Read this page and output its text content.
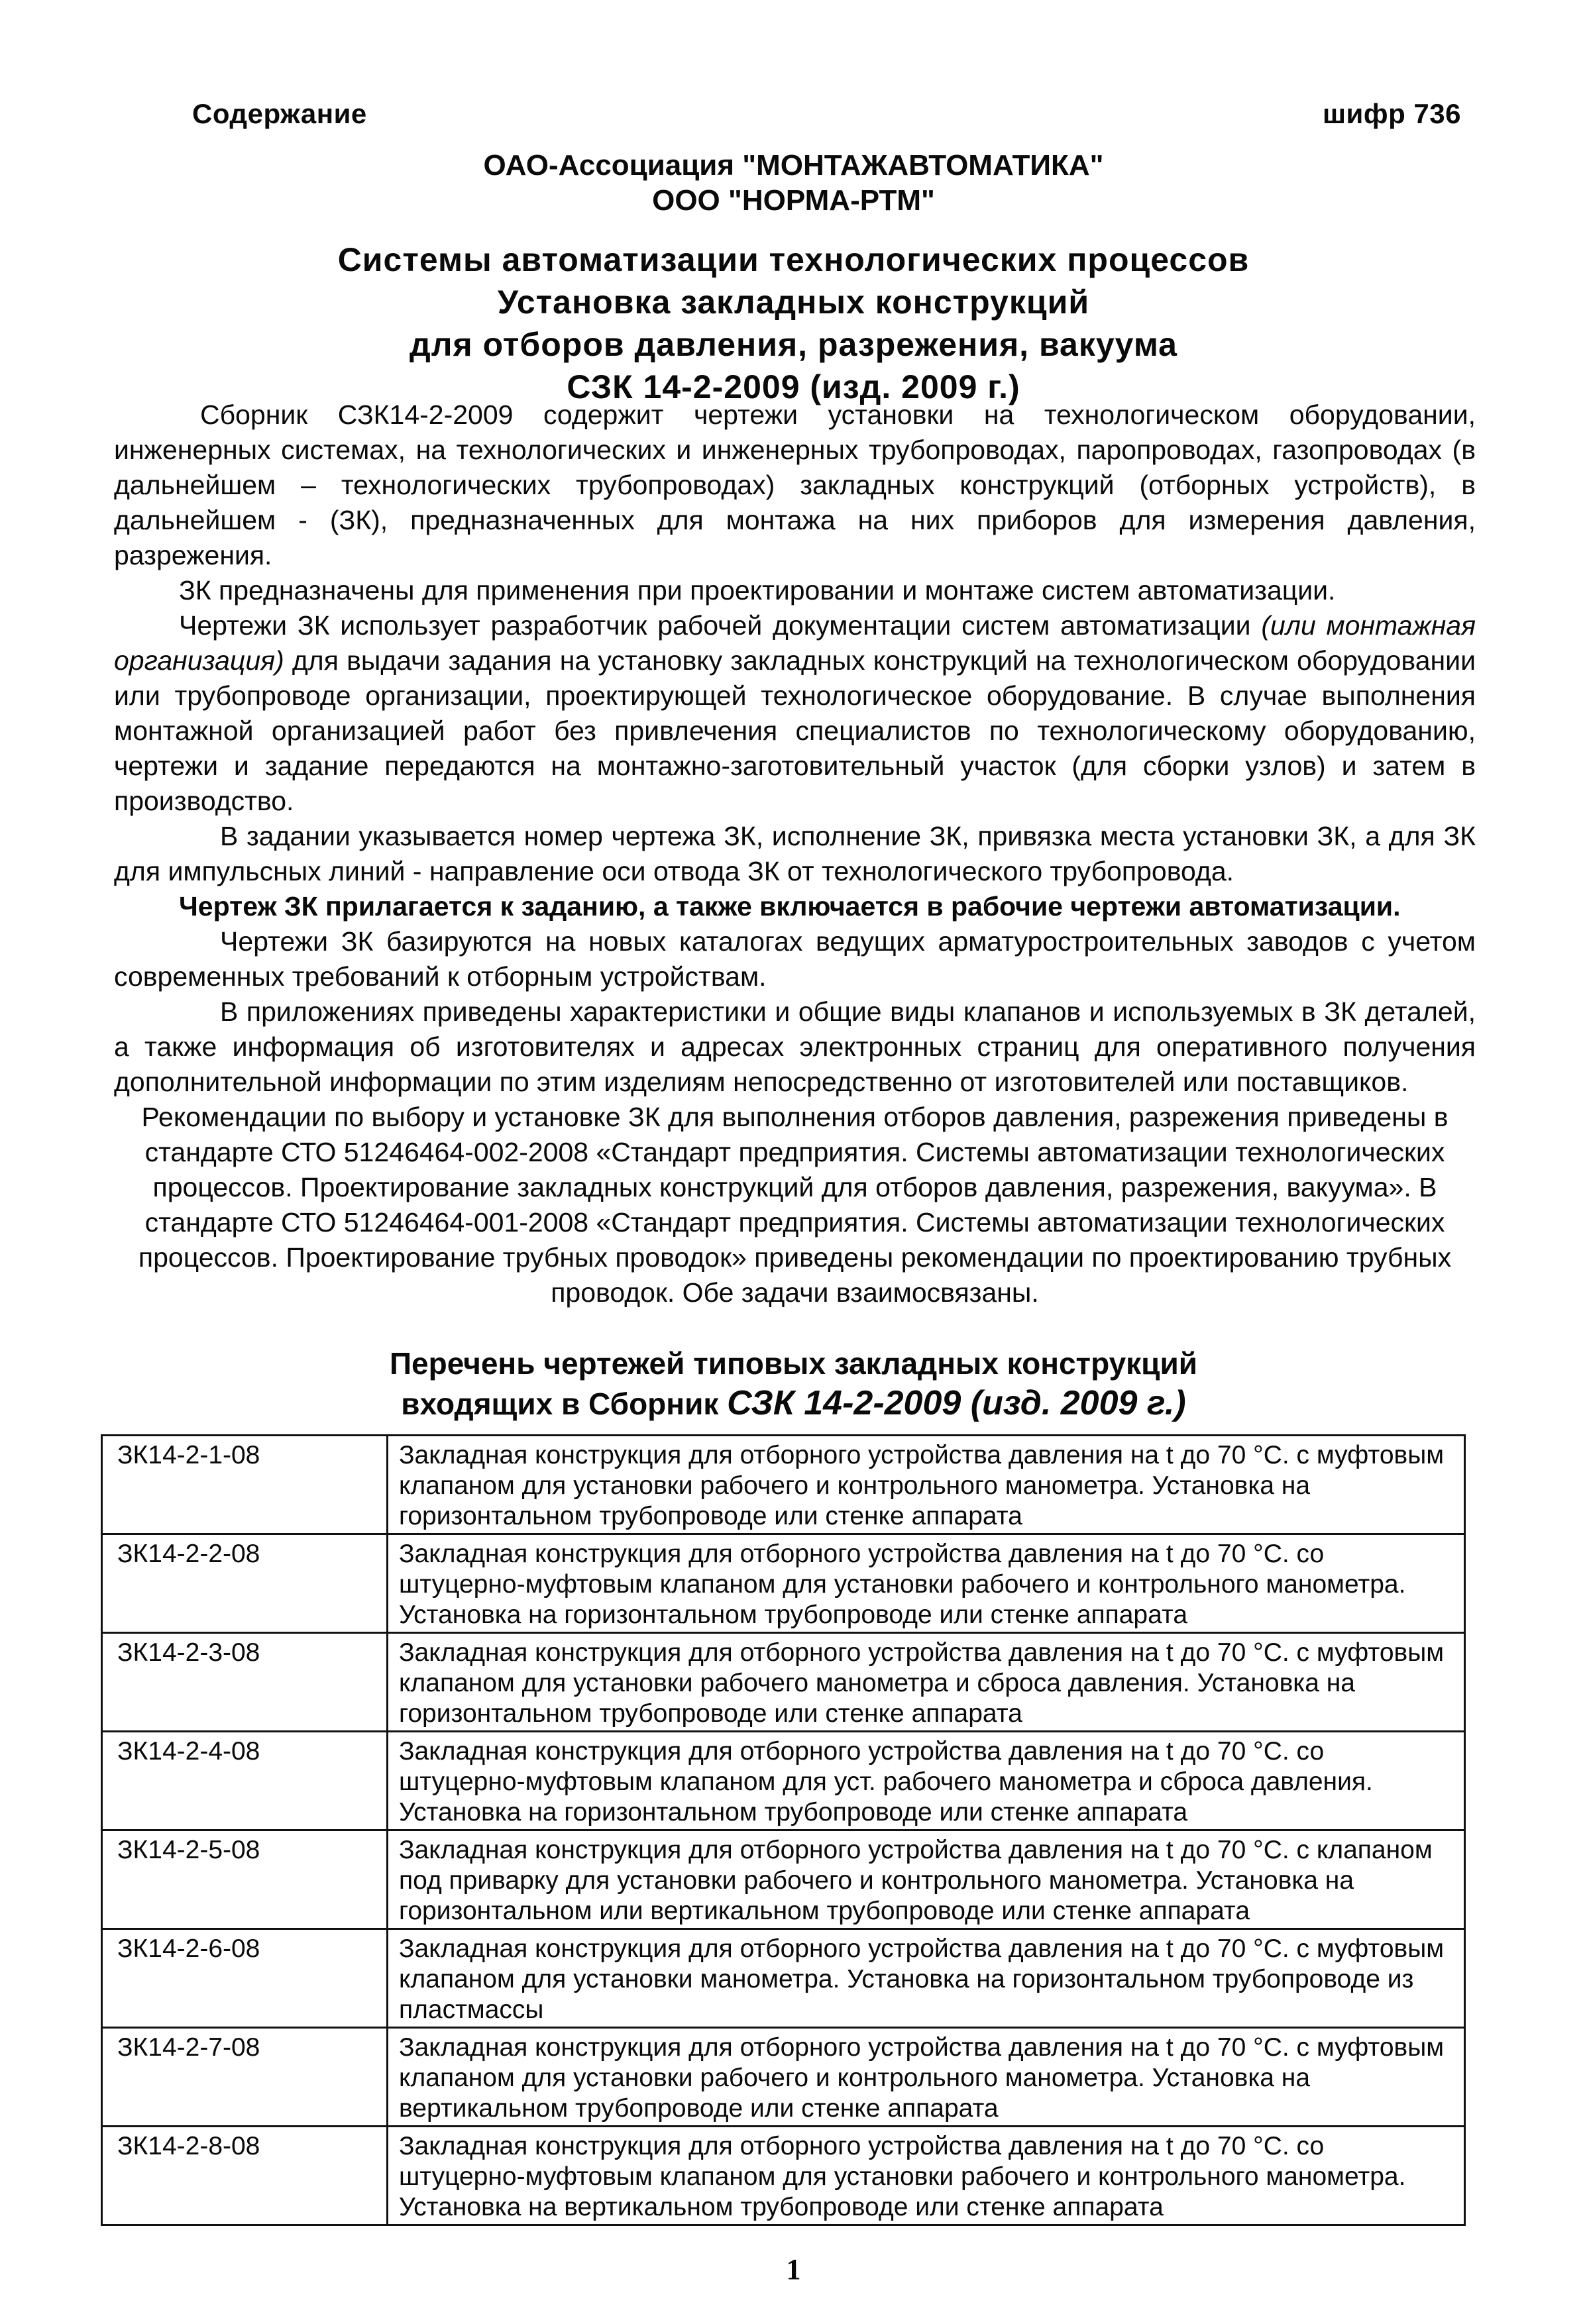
Содержание	шифр 736
ОАО-Ассоциация "МОНТАЖАВТОМАТИКА"
ООО "НОРМА-РТМ"
Системы автоматизации технологических процессов
Установка закладных конструкций
для отборов давления, разрежения, вакуума
СЗК 14-2-2009 (изд. 2009 г.)

Сборник СЗК14-2-2009 содержит чертежи установки на технологическом оборудовании, инженерных системах, на технологических и инженерных трубопроводах, паропроводах, газопроводах (в дальнейшем – технологических трубопроводах) закладных конструкций (отборных устройств), в дальнейшем - (ЗК), предназначенных для монтажа на них приборов для измерения давления, разрежения.

ЗК предназначены для применения при проектировании и монтаже систем автоматизации.

Чертежи ЗК использует разработчик рабочей документации систем автоматизации (или монтажная организация) для выдачи задания на установку закладных конструкций на технологическом оборудовании или трубопроводе организации, проектирующей технологическое оборудование. В случае выполнения монтажной организацией работ без привлечения специалистов по технологическому оборудованию, чертежи и задание передаются на монтажно-заготовительный участок (для сборки узлов) и затем в производство.

В задании указывается номер чертежа ЗК, исполнение ЗК, привязка места установки ЗК, а для ЗК для импульсных линий - направление оси отвода ЗК от технологического трубопровода.

Чертеж ЗК прилагается к заданию, а также включается в рабочие чертежи автоматизации.

Чертежи ЗК базируются на новых каталогах ведущих арматуростроительных заводов с учетом современных требований к отборным устройствам.

В приложениях приведены характеристики и общие виды клапанов и используемых в ЗК деталей, а также информация об изготовителях и адресах электронных страниц для оперативного получения дополнительной информации по этим изделиям непосредственно от изготовителей или поставщиков.

Рекомендации по выбору и установке ЗК для выполнения отборов давления, разрежения приведены в стандарте СТО 51246464-002-2008 «Стандарт предприятия. Системы автоматизации технологических процессов. Проектирование закладных конструкций для отборов давления, разрежения, вакуума». В стандарте СТО 51246464-001-2008 «Стандарт предприятия. Системы автоматизации технологических процессов. Проектирование трубных проводок» приведены рекомендации по проектированию трубных проводок. Обе задачи взаимосвязаны.

Перечень чертежей типовых закладных конструкций
входящих в Сборник СЗК 14-2-2009 (изд. 2009 г.)
ЗК14-2-1-08	Закладная конструкция для отборного устройства давления на t до 70 °С. с муфтовым клапаном для установки рабочего и контрольного манометра. Установка на горизонтальном трубопроводе или стенке аппарата
ЗК14-2-2-08	Закладная конструкция для отборного устройства давления на t до 70 °С. со штуцерно-муфтовым клапаном для установки рабочего и контрольного манометра. Установка на горизонтальном трубопроводе или стенке аппарата
ЗК14-2-3-08	Закладная конструкция для отборного устройства давления на t до 70 °С. с муфтовым клапаном для установки рабочего манометра и сброса давления. Установка на горизонтальном трубопроводе или стенке аппарата
ЗК14-2-4-08	Закладная конструкция для отборного устройства давления на t до 70 °С. со штуцерно-муфтовым клапаном для уст. рабочего манометра и сброса давления. Установка на горизонтальном трубопроводе или стенке аппарата
ЗК14-2-5-08	Закладная конструкция для отборного устройства давления на t до 70 °С. с клапаном под приварку для установки рабочего и контрольного манометра. Установка на горизонтальном или вертикальном трубопроводе или стенке аппарата
ЗК14-2-6-08	Закладная конструкция для отборного устройства давления на t до 70 °С. с муфтовым клапаном для установки манометра. Установка на горизонтальном трубопроводе из пластмассы
ЗК14-2-7-08	Закладная конструкция для отборного устройства давления на t до 70 °С. с муфтовым клапаном для установки рабочего и контрольного манометра. Установка на вертикальном трубопроводе или стенке аппарата
ЗК14-2-8-08	Закладная конструкция для отборного устройства давления на t до 70 °С. со штуцерно-муфтовым клапаном для установки рабочего и контрольного манометра. Установка на вертикальном трубопроводе или стенке аппарата
1
